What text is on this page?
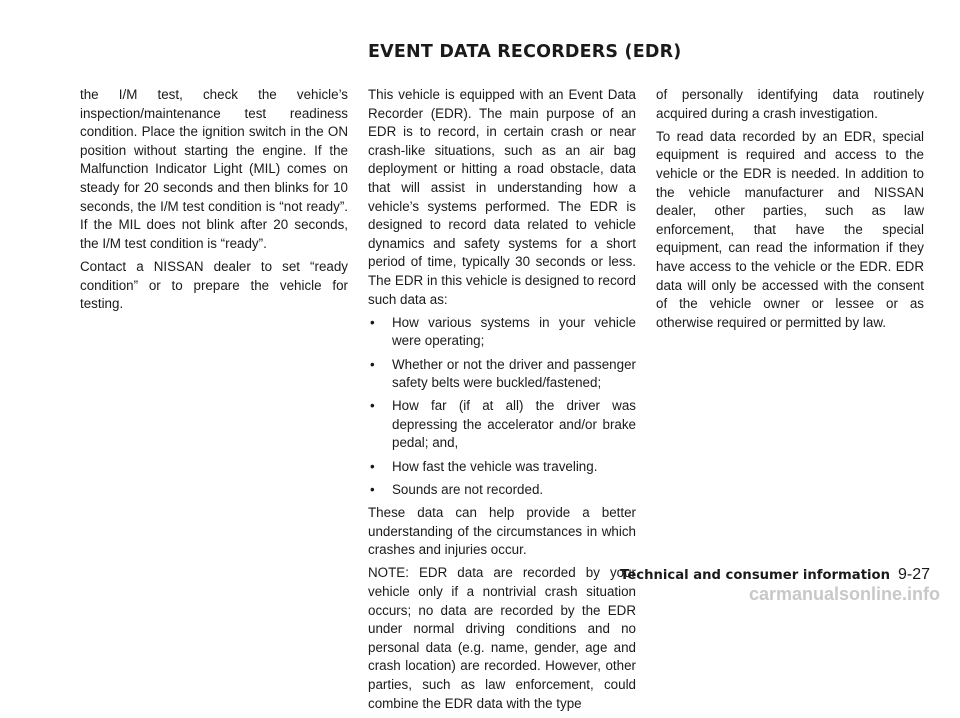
EVENT DATA RECORDERS (EDR)

the I/M test, check the vehicle’s inspection/maintenance test readiness condition. Place the ignition switch in the ON position without starting the engine. If the Malfunction Indicator Light (MIL) comes on steady for 20 seconds and then blinks for 10 seconds, the I/M test condition is “not ready”. If the MIL does not blink after 20 seconds, the I/M test condition is “ready”.

Contact a NISSAN dealer to set “ready condition” or to prepare the vehicle for testing.

This vehicle is equipped with an Event Data Recorder (EDR). The main purpose of an EDR is to record, in certain crash or near crash-like situations, such as an air bag deployment or hitting a road obstacle, data that will assist in understanding how a vehicle’s systems performed. The EDR is designed to record data related to vehicle dynamics and safety systems for a short period of time, typically 30 seconds or less. The EDR in this vehicle is designed to record such data as:

• How various systems in your vehicle were operating;
• Whether or not the driver and passenger safety belts were buckled/fastened;
• How far (if at all) the driver was depressing the accelerator and/or brake pedal; and,
• How fast the vehicle was traveling.
• Sounds are not recorded.

These data can help provide a better understanding of the circumstances in which crashes and injuries occur.

NOTE: EDR data are recorded by your vehicle only if a nontrivial crash situation occurs; no data are recorded by the EDR under normal driving conditions and no personal data (e.g. name, gender, age and crash location) are recorded. However, other parties, such as law enforcement, could combine the EDR data with the type

of personally identifying data routinely acquired during a crash investigation.

To read data recorded by an EDR, special equipment is required and access to the vehicle or the EDR is needed. In addition to the vehicle manufacturer and NISSAN dealer, other parties, such as law enforcement, that have the special equipment, can read the information if they have access to the vehicle or the EDR. EDR data will only be accessed with the consent of the vehicle owner or lessee or as otherwise required or permitted by law.

Technical and consumer information 9-27
carmanualsonline.info
